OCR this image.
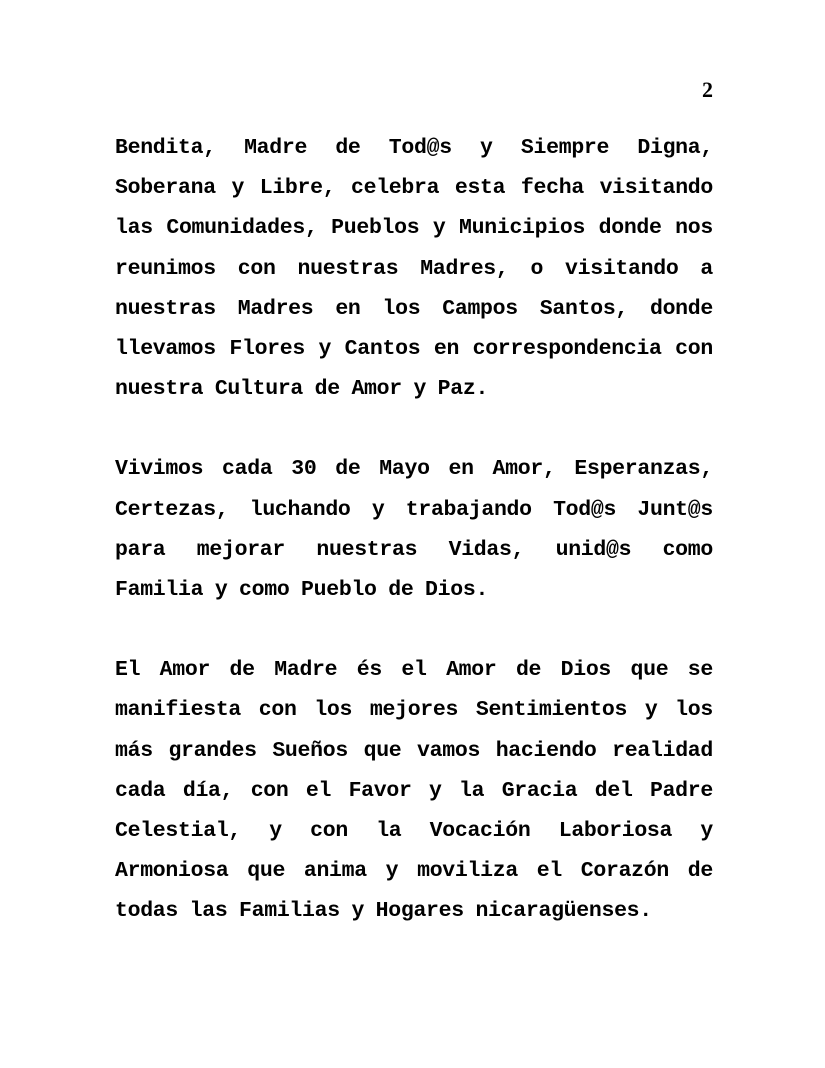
2

Bendita, Madre de Tod@s y Siempre Digna, Soberana y Libre, celebra esta fecha visitando las Comunidades, Pueblos y Municipios donde nos reunimos con nuestras Madres, o visitando a nuestras Madres en los Campos Santos, donde llevamos Flores y Cantos en correspondencia con nuestra Cultura de Amor y Paz.

Vivimos cada 30 de Mayo en Amor, Esperanzas, Certezas, luchando y trabajando Tod@s Junt@s para mejorar nuestras Vidas, unid@s como Familia y como Pueblo de Dios.

El Amor de Madre és el Amor de Dios que se manifiesta con los mejores Sentimientos y los más grandes Sueños que vamos haciendo realidad cada día, con el Favor y la Gracia del Padre Celestial, y con la Vocación Laboriosa y Armoniosa que anima y moviliza el Corazón de todas las Familias y Hogares nicaragüenses.
